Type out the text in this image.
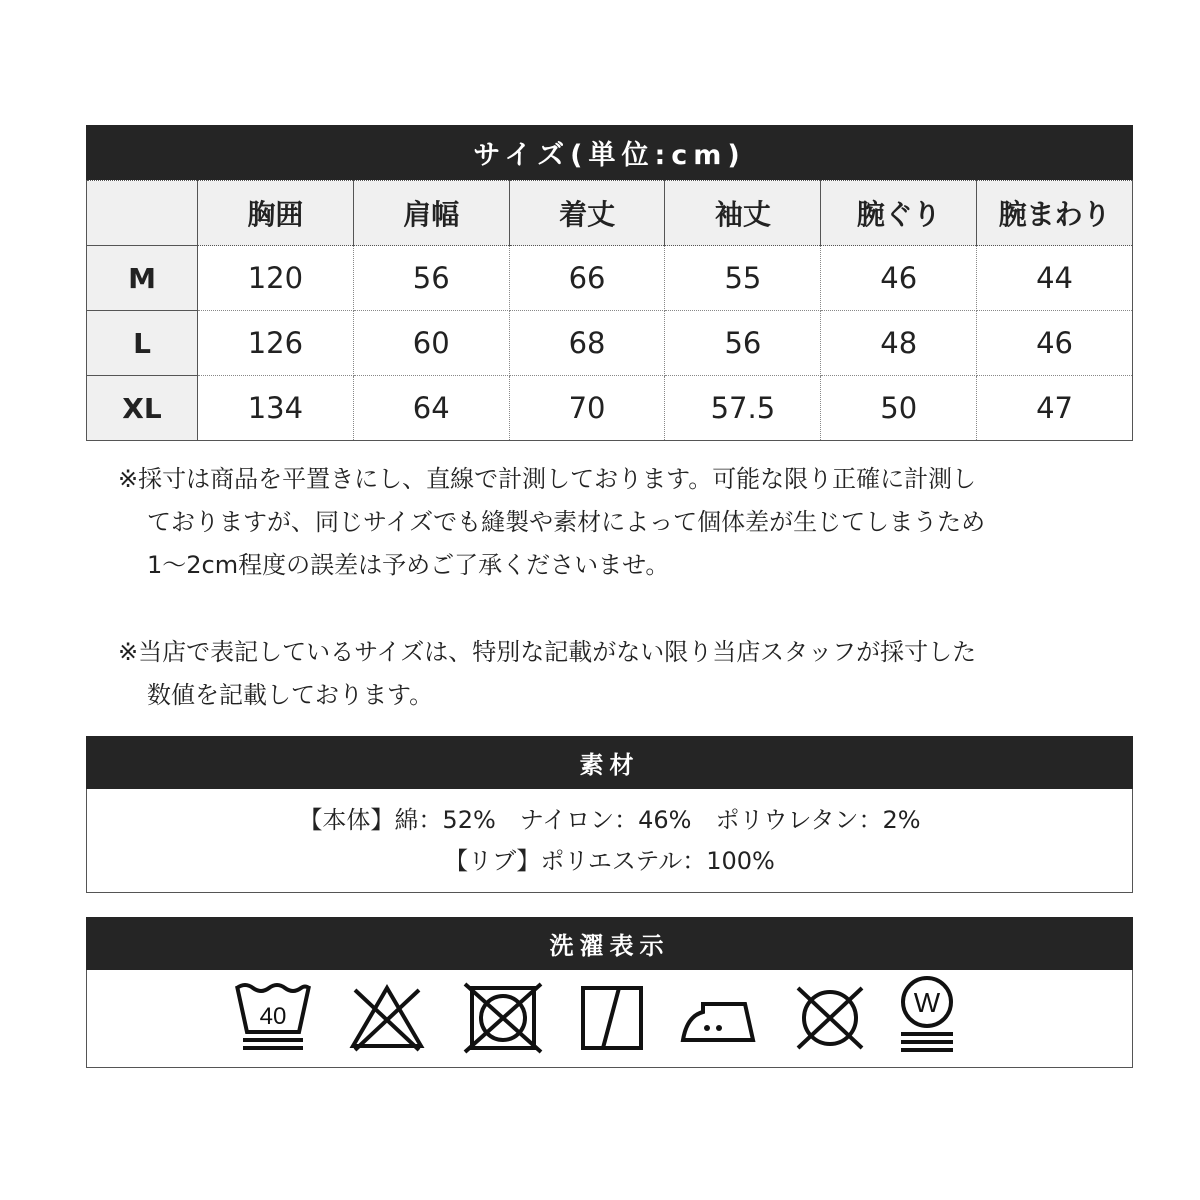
サイズ(単位:cm)
	胸囲	肩幅	着丈	袖丈	腕ぐり	腕まわり
M	120	56	66	55	46	44
L	126	60	68	56	48	46
XL	134	64	70	57.5	50	47
※採寸は商品を平置きにし、直線で計測しております。可能な限り正確に計測し
ておりますが、同じサイズでも縫製や素材によって個体差が生じてしまうため
1～2cm程度の誤差は予めご了承くださいませ。
※当店で表記しているサイズは、特別な記載がない限り当店スタッフが採寸した
数値を記載しております。
素材
【本体】綿：52%　ナイロン：46%　ポリウレタン：2%
【リブ】ポリエステル：100%
洗濯表示
40	W
